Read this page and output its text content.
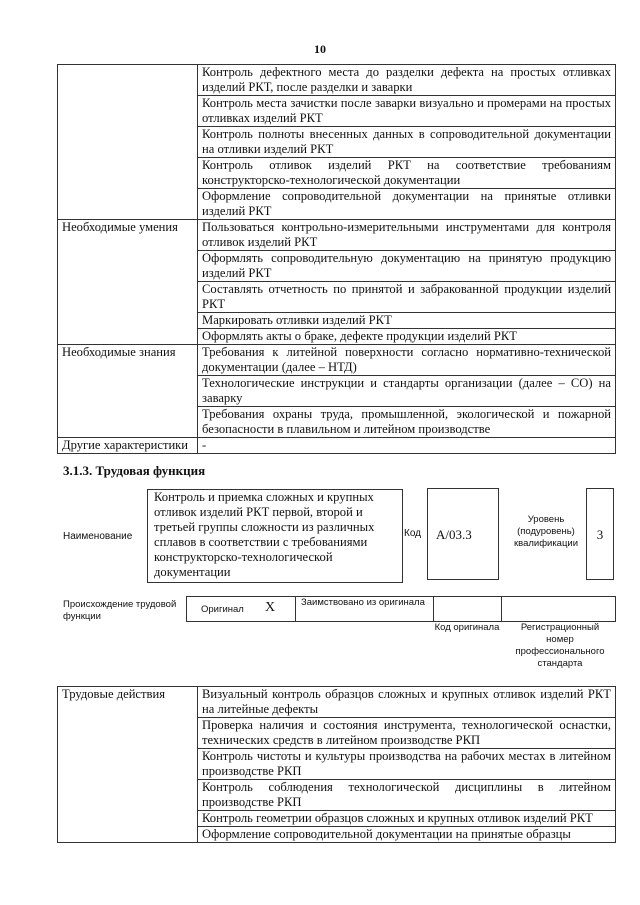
10
	Контроль дефектного места до разделки дефекта на простых отливках изделий РКТ, после разделки и заварки
	Контроль места зачистки после заварки визуально и промерами на простых отливках изделий РКТ
	Контроль полноты внесенных данных в сопроводительной документации на отливки изделий РКТ
	Контроль отливок изделий РКТ на соответствие требованиям конструкторско-технологической документации
	Оформление сопроводительной документации на принятые отливки изделий РКТ
Необходимые умения	Пользоваться контрольно-измерительными инструментами для контроля отливок изделий РКТ
	Оформлять сопроводительную документацию на принятую продукцию изделий РКТ
	Составлять отчетность по принятой и забракованной продукции изделий РКТ
	Маркировать отливки изделий РКТ
	Оформлять акты о браке, дефекте продукции изделий РКТ
Необходимые знания	Требования к литейной поверхности согласно нормативно-технической документации (далее – НТД)
	Технологические инструкции и стандарты организации (далее – СО) на заварку
	Требования охраны труда, промышленной, экологической и пожарной безопасности в плавильном и литейном производстве
Другие характеристики	-
3.1.3. Трудовая функция
Наименование
Контроль и приемка сложных и крупных отливок изделий РКТ первой, второй и третьей группы сложности из различных сплавов в соответствии с требованиями конструкторско-технологической документации
Код	А/03.3
Уровень (подуровень) квалификации
3
Происхождение трудовой функции
Оригинал X	Заимствовано из оригинала
Код оригинала	Регистрационный номер профессионального стандарта
Трудовые действия	Визуальный контроль образцов сложных и крупных отливок изделий РКТ на литейные дефекты
Проверка наличия и состояния инструмента, технологической оснастки, технических средств в литейном производстве РКП
Контроль чистоты и культуры производства на рабочих местах в литейном производстве РКП
Контроль соблюдения технологической дисциплины в литейном производстве РКП
Контроль геометрии образцов сложных и крупных отливок изделий РКТ
Оформление сопроводительной документации на принятые образцы
